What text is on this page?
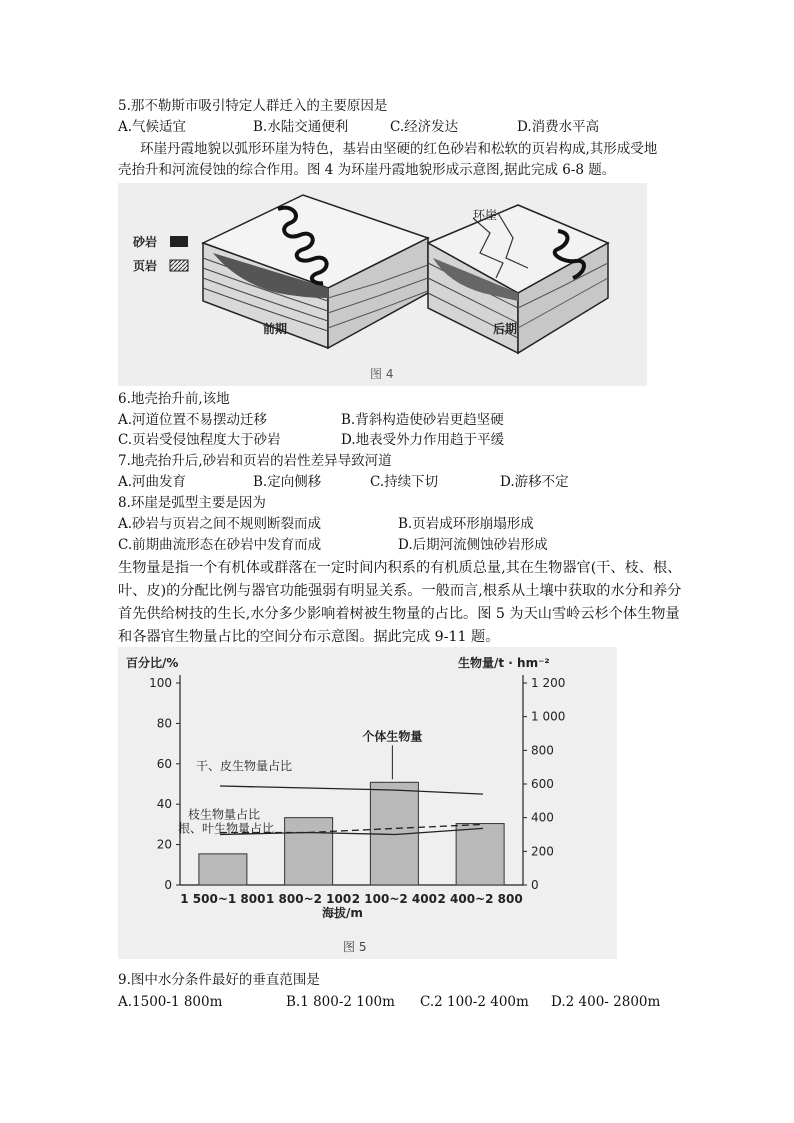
5.那不勒斯市吸引特定人群迁入的主要原因是
A.气候适宜	B.水陆交通便利	C.经济发达	D.消费水平高
环崖丹霞地貌以弧形环崖为特色，基岩由坚硬的红色砂岩和松软的页岩构成,其形成受地
壳抬升和河流侵蚀的综合作用。图 4 为环崖丹霞地貌形成示意图,据此完成 6-8 题。
砂岩
页岩
环崖
前期	后期
图 4
6.地壳抬升前,该地
A.河道位置不易摆动迁移	B.背斜构造使砂岩更趋坚硬
C.页岩受侵蚀程度大于砂岩	D.地表受外力作用趋于平缓
7.地壳抬升后,砂岩和页岩的岩性差异导致河道
A.河曲发育	B.定向侧移	C.持续下切	D.游移不定
8.环崖是弧型主要是因为
A.砂岩与页岩之间不规则断裂而成	B.页岩成环形崩塌形成
C.前期曲流形态在砂岩中发育而成	D.后期河流侧蚀砂岩形成
生物量是指一个有机体或群落在一定时间内积系的有机质总量,其在生物器官(干、枝、根、
叶、皮)的分配比例与器官功能强弱有明显关系。一般而言,根系从土壤中获取的水分和养分
首先供给树技的生长,水分多少影响着树被生物量的占比。图 5 为天山雪岭云杉个体生物量
和各器官生物量占比的空间分布示意图。据此完成 9-11 题。
百分比/%	生物量/t · hm⁻²
海拔/m
图 5
0
20
40
60
80
100
0
200
400
600
800
1 000
1 200
1 500~1 800 1 800~2 100 2 100~2 400 2 400~2 800
干、皮生物量占比
枝生物量占比
根、叶生物量占比
个体生物量
9.图中水分条件最好的垂直范围是
A.1500-1 800m	B.1 800-2 100m C.2 100-2 400m D.2 400- 2800m
